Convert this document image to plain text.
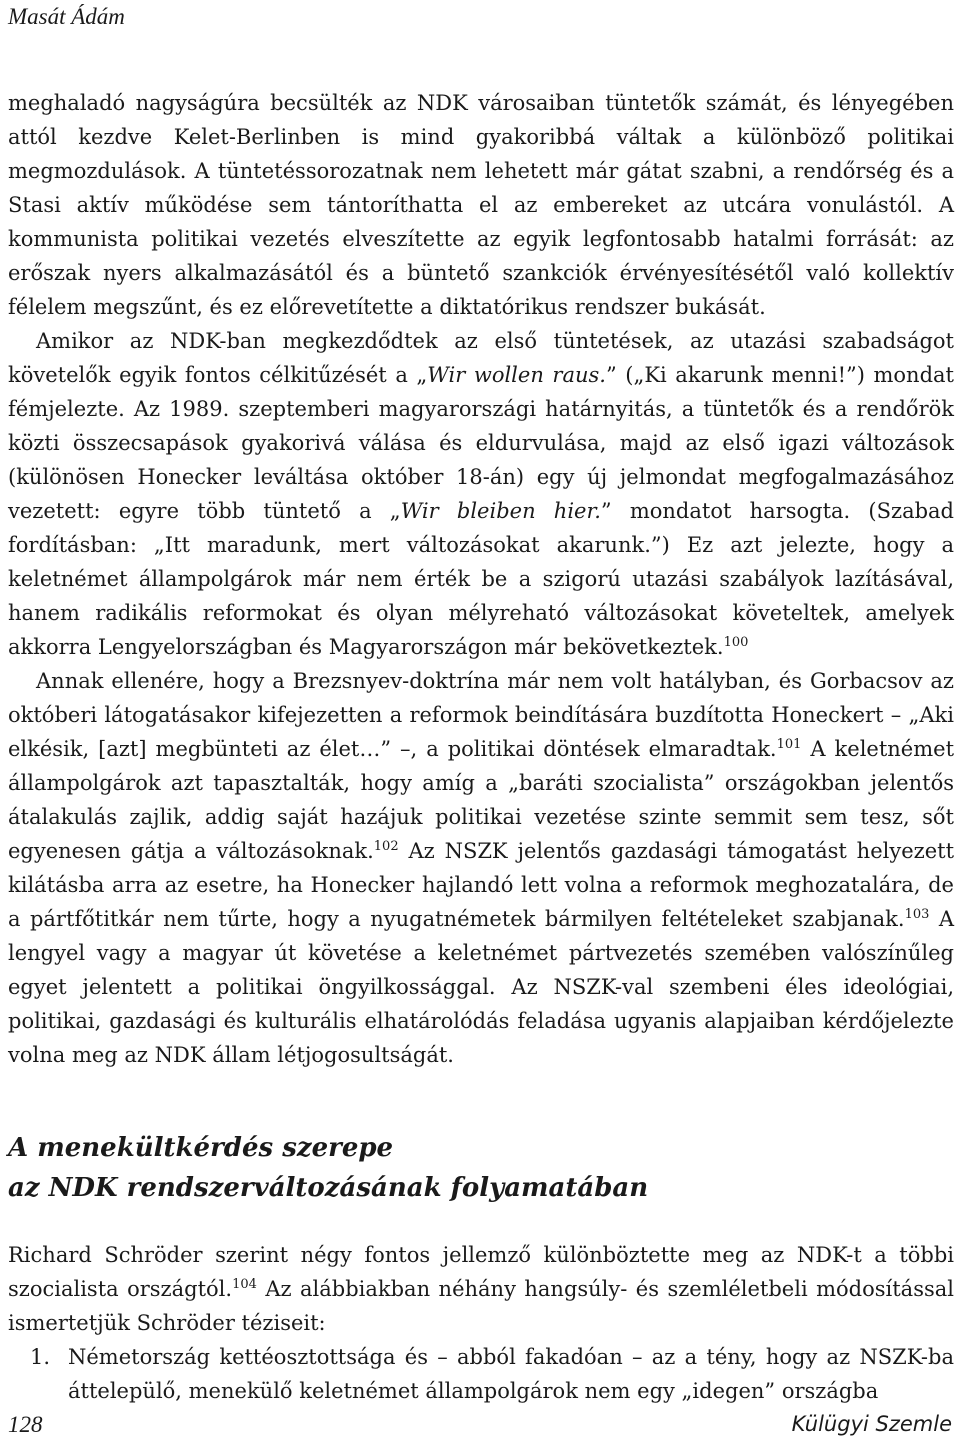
Masát Ádám

meghaladó nagyságúra becsülték az NDK városaiban tüntetők számát, és lényegében attól kezdve Kelet-Berlinben is mind gyakoribbá váltak a különböző politikai megmozdulások. A tüntetéssorozatnak nem lehetett már gátat szabni, a rendőrség és a Stasi aktív működése sem tántoríthatta el az embereket az utcára vonulástól. A kommunista politikai vezetés elveszítette az egyik legfontosabb hatalmi forrását: az erőszak nyers alkalmazásától és a büntető szankciók érvényesítésétől való kollektív félelem megszűnt, és ez előrevetítette a diktatórikus rendszer bukását.

Amikor az NDK-ban megkezdődtek az első tüntetések, az utazási szabadságot követelők egyik fontos célkitűzését a „Wir wollen raus.” („Ki akarunk menni!”) mondat fémjelezte. Az 1989. szeptemberi magyarországi határnyitás, a tüntetők és a rendőrök közti összecsapások gyakorivá válása és eldurvulása, majd az első igazi változások (különösen Honecker leváltása október 18-án) egy új jelmondat megfogalmazásához vezetett: egyre több tüntető a „Wir bleiben hier.” mondatot harsogta. (Szabad fordításban: „Itt maradunk, mert változásokat akarunk.”) Ez azt jelezte, hogy a keletnémet állampolgárok már nem érték be a szigorú utazási szabályok lazításával, hanem radikális reformokat és olyan mélyreható változásokat követeltek, amelyek akkorra Lengyelországban és Magyarországon már bekövetkeztek.$^{100}$

Annak ellenére, hogy a Brezsnyev-doktrína már nem volt hatályban, és Gorbacsov az októberi látogatásakor kifejezetten a reformok beindítására buzdította Honeckert – „Aki elkésik, [azt] megbünteti az élet…” –, a politikai döntések elmaradtak.$^{101}$ A keletnémet állampolgárok azt tapasztalták, hogy amíg a „baráti szocialista” országokban jelentős átalakulás zajlik, addig saját hazájuk politikai vezetése szinte semmit sem tesz, sőt egyenesen gátja a változásoknak.$^{102}$ Az NSZK jelentős gazdasági támogatást helyezett kilátásba arra az esetre, ha Honecker hajlandó lett volna a reformok meghozatalára, de a pártfőtitkár nem tűrte, hogy a nyugatnémetek bármilyen feltételeket szabjanak.$^{103}$ A lengyel vagy a magyar út követése a keletnémet pártvezetés szemében valószínűleg egyet jelentett a politikai öngyilkossággal. Az NSZK-val szembeni éles ideológiai, politikai, gazdasági és kulturális elhatárolódás feladása ugyanis alapjaiban kérdőjelezte volna meg az NDK állam létjogosultságát.

A menekültkérdés szerepe
az NDK rendszerváltozásának folyamatában

Richard Schröder szerint négy fontos jellemző különböztette meg az NDK-t a többi szocialista országtól.$^{104}$ Az alábbiakban néhány hangsúly- és szemléletbeli módosítással ismertetjük Schröder téziseit:

1. Németország kettéosztottsága és – abból fakadóan – az a tény, hogy az NSZK-ba áttelepülő, menekülő keletnémet állampolgárok nem egy „idegen” országba
128	Külügyi Szemle
